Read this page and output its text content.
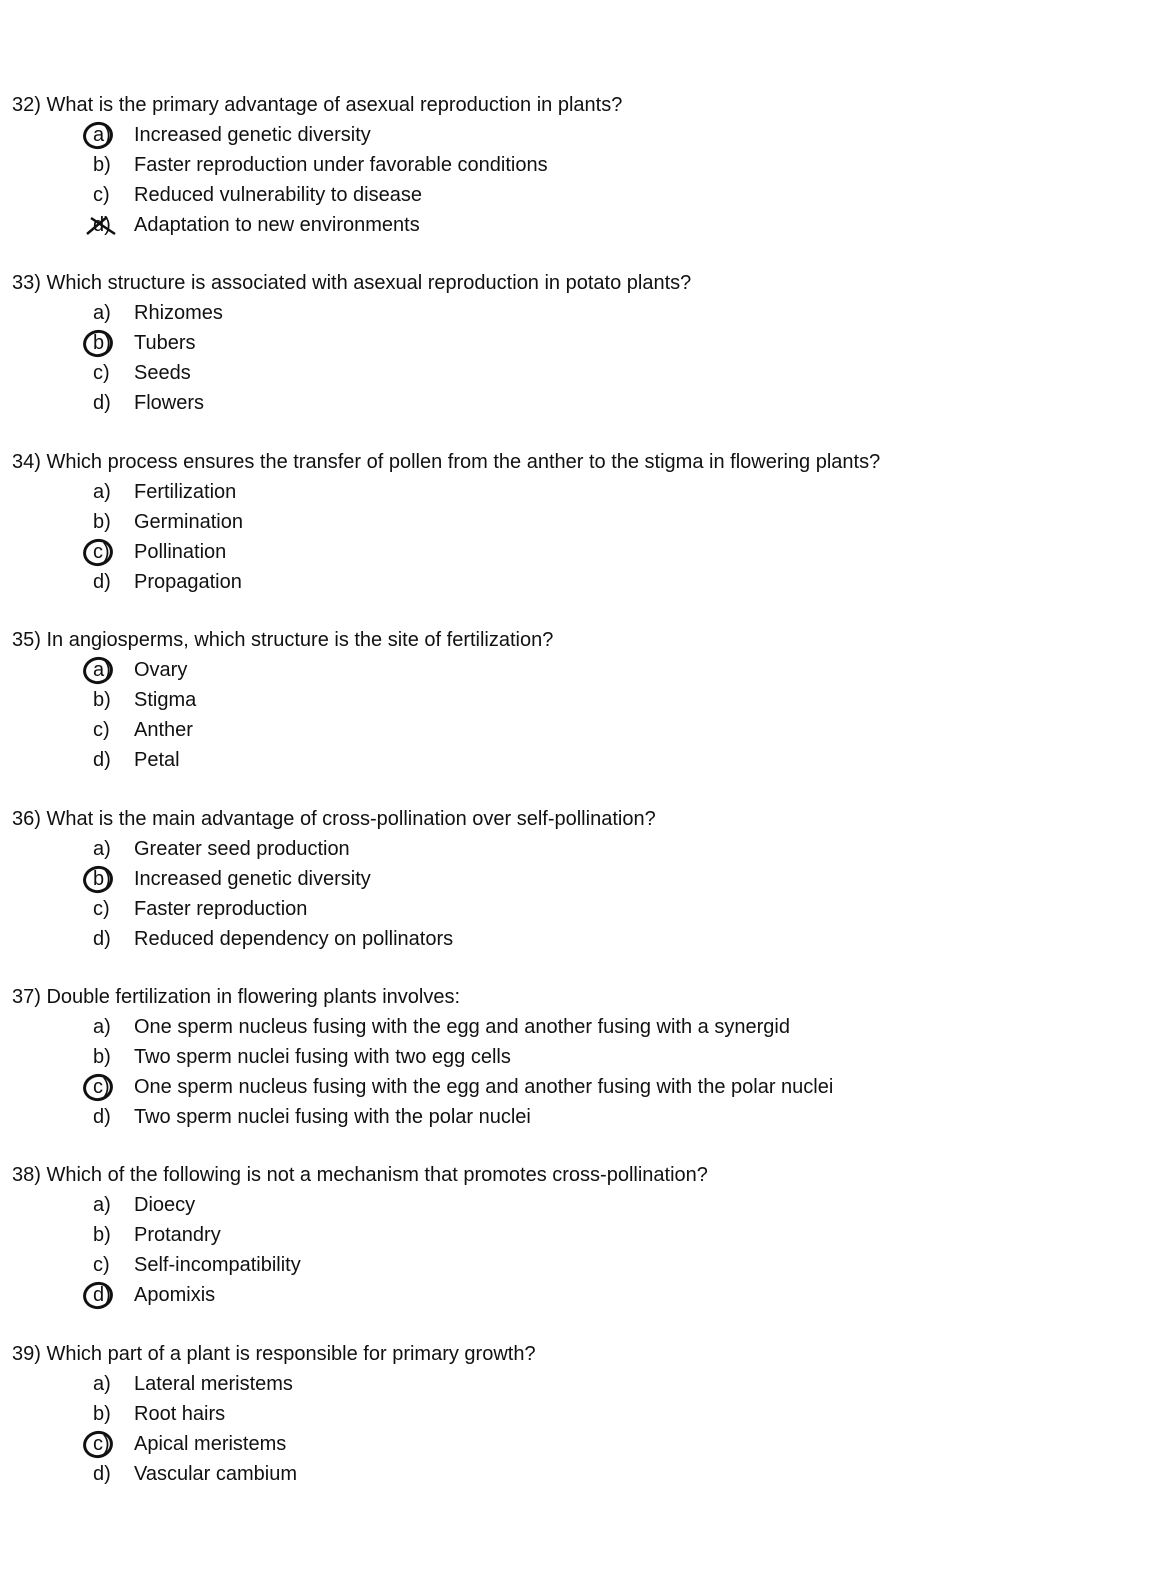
32) What is the primary advantage of asexual reproduction in plants?
a)	Increased genetic diversity
b)	Faster reproduction under favorable conditions
c)	Reduced vulnerability to disease
d)	Adaptation to new environments
33) Which structure is associated with asexual reproduction in potato plants?
a)	Rhizomes
b)	Tubers
c)	Seeds
d)	Flowers
34) Which process ensures the transfer of pollen from the anther to the stigma in flowering plants?
a)	Fertilization
b)	Germination
c)	Pollination
d)	Propagation
35) In angiosperms, which structure is the site of fertilization?
a)	Ovary
b)	Stigma
c)	Anther
d)	Petal
36) What is the main advantage of cross-pollination over self-pollination?
a)	Greater seed production
b)	Increased genetic diversity
c)	Faster reproduction
d)	Reduced dependency on pollinators
37) Double fertilization in flowering plants involves:
a)	One sperm nucleus fusing with the egg and another fusing with a synergid
b)	Two sperm nuclei fusing with two egg cells
c)	One sperm nucleus fusing with the egg and another fusing with the polar nuclei
d)	Two sperm nuclei fusing with the polar nuclei
38) Which of the following is not a mechanism that promotes cross-pollination?
a)	Dioecy
b)	Protandry
c)	Self-incompatibility
d)	Apomixis
39) Which part of a plant is responsible for primary growth?
a)	Lateral meristems
b)	Root hairs
c)	Apical meristems
d)	Vascular cambium
